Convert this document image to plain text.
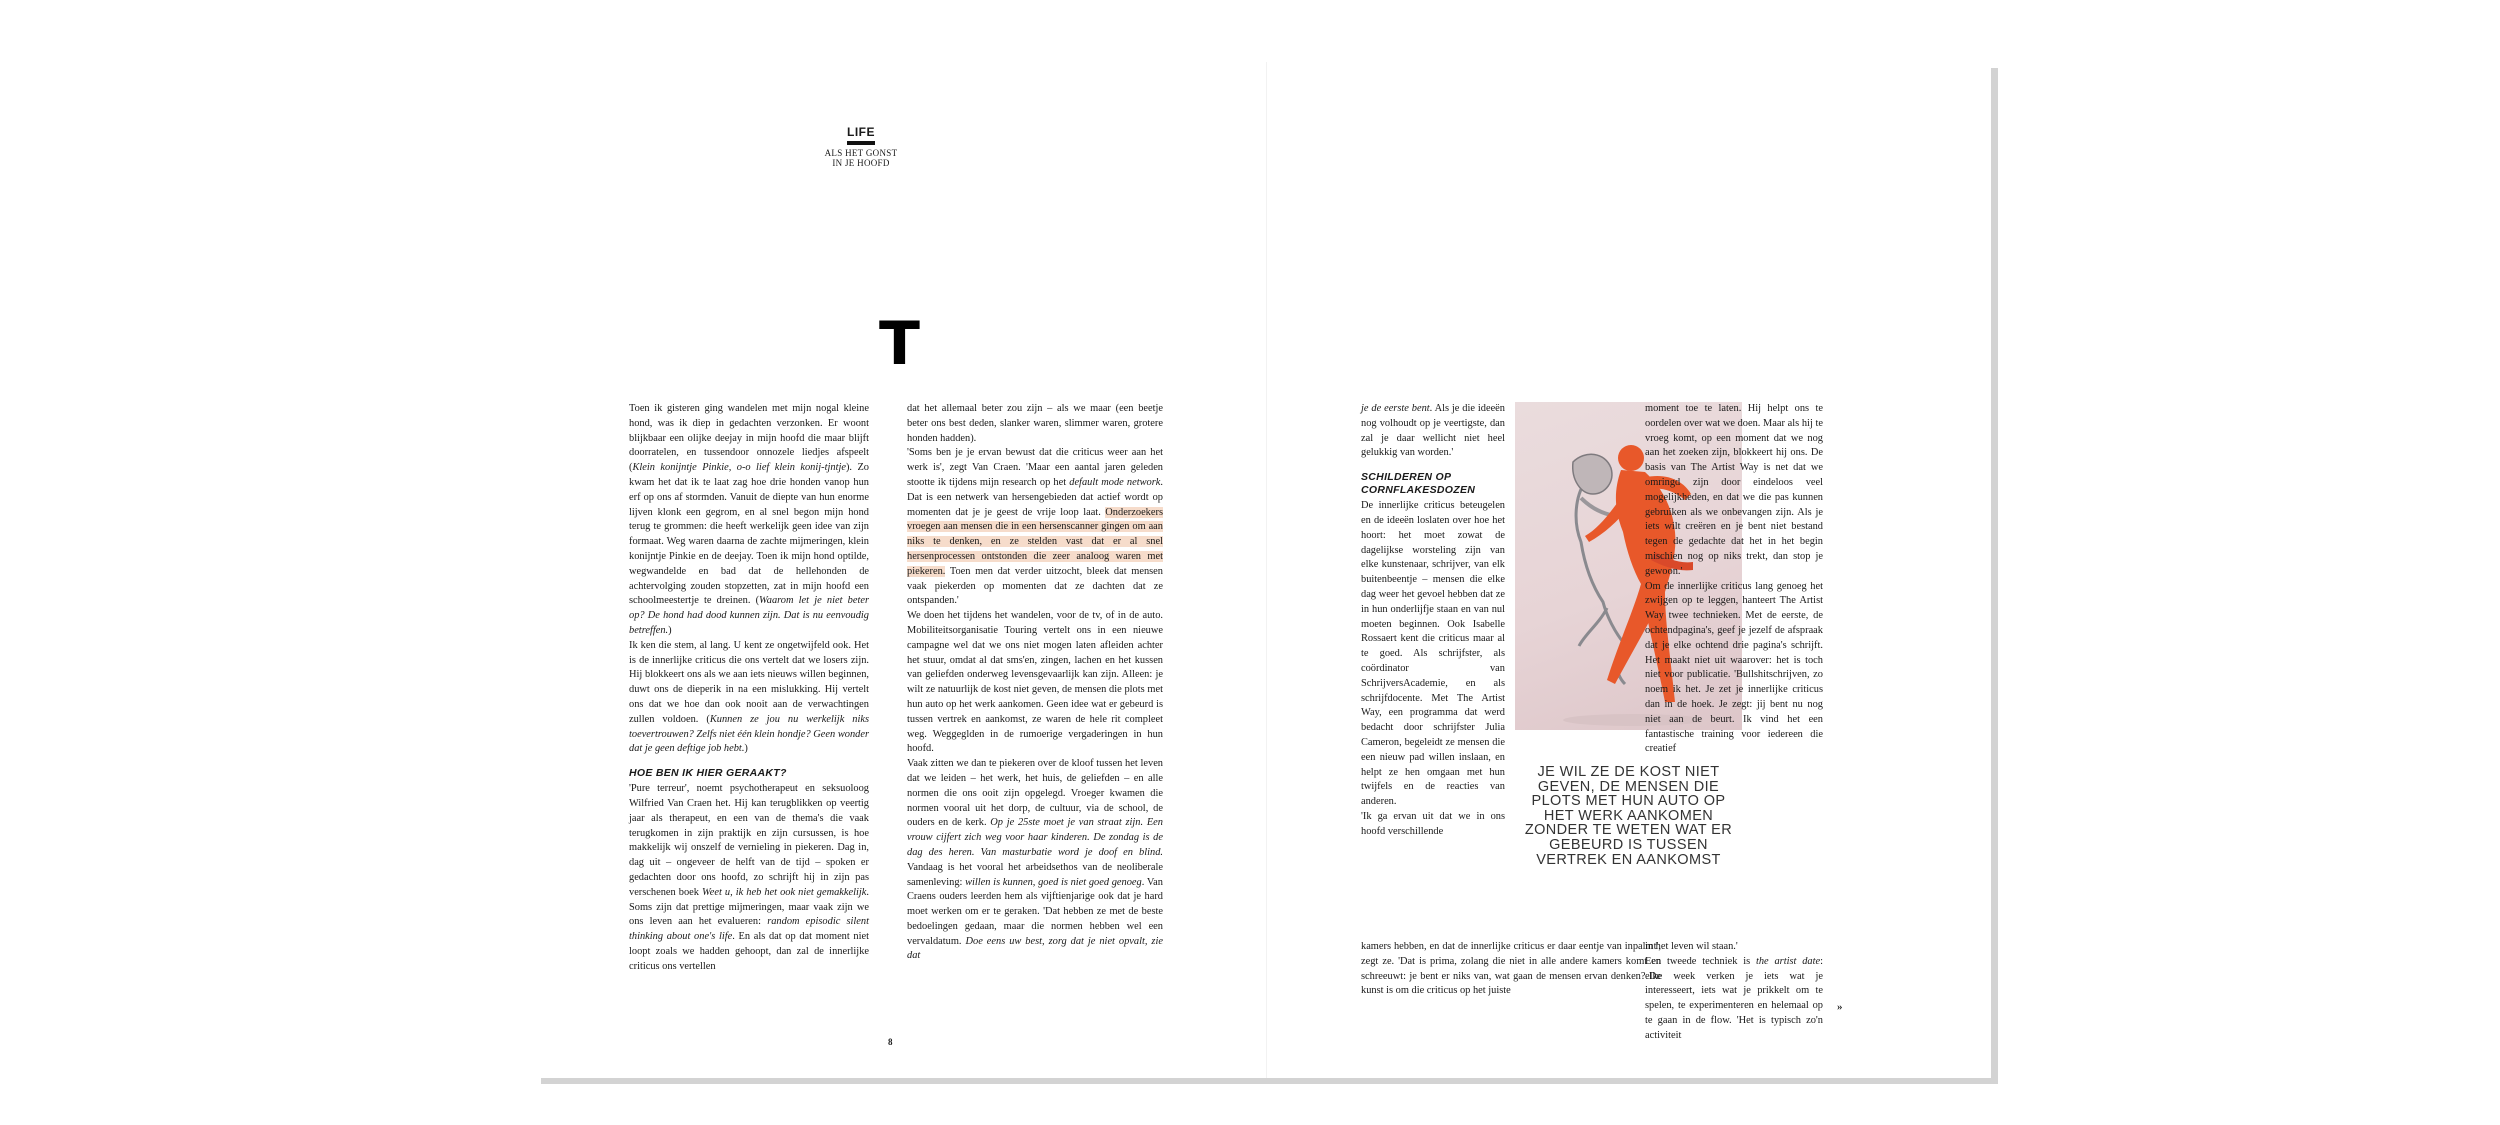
LIFE
ALS HET GONST
IN JE HOOFD
T

Toen ik gisteren ging wandelen met mijn nogal kleine hond, was ik diep in gedachten verzonken. Er woont blijkbaar een olijke deejay in mijn hoofd die maar blijft doorratelen, en tussendoor onnozele liedjes afspeelt (Klein konijntje Pinkie, o-o lief klein konij-tjntje). Zo kwam het dat ik te laat zag hoe drie honden vanop hun erf op ons af stormden. Vanuit de diepte van hun enorme lijven klonk een gegrom, en al snel begon mijn hond terug te grommen: die heeft werkelijk geen idee van zijn formaat. Weg waren daarna de zachte mijmeringen, klein konijntje Pinkie en de deejay. Toen ik mijn hond optilde, wegwandelde en bad dat de hellehonden de achtervolging zouden stopzetten, zat in mijn hoofd een schoolmeestertje te dreinen. (Waarom let je niet beter op? De hond had dood kunnen zijn. Dat is nu eenvoudig betreffen.)

Ik ken die stem, al lang. U kent ze ongetwijfeld ook. Het is de innerlijke criticus die ons vertelt dat we losers zijn. Hij blokkeert ons als we aan iets nieuws willen beginnen, duwt ons de dieperik in na een mislukking. Hij vertelt ons dat we hoe dan ook nooit aan de verwachtingen zullen voldoen. (Kunnen ze jou nu werkelijk niks toevertrouwen? Zelfs niet één klein hondje? Geen wonder dat je geen deftige job hebt.)

HOE BEN IK HIER GERAAKT?

'Pure terreur', noemt psychotherapeut en seksuoloog Wilfried Van Craen het. Hij kan terugblikken op veertig jaar als therapeut, en een van de thema's die vaak terugkomen in zijn praktijk en zijn cursussen, is hoe makkelijk wij onszelf de vernieling in piekeren. Dag in, dag uit – ongeveer de helft van de tijd – spoken er gedachten door ons hoofd, zo schrijft hij in zijn pas verschenen boek Weet u, ik heb het ook niet gemakkelijk. Soms zijn dat prettige mijmeringen, maar vaak zijn we ons leven aan het evalueren: random episodic silent thinking about one's life. En als dat op dat moment niet loopt zoals we hadden gehoopt, dan zal de innerlijke criticus ons vertellen

dat het allemaal beter zou zijn – als we maar (een beetje beter ons best deden, slanker waren, slimmer waren, grotere honden hadden).

'Soms ben je je ervan bewust dat die criticus weer aan het werk is', zegt Van Craen. 'Maar een aantal jaren geleden stootte ik tijdens mijn research op het default mode network. Dat is een netwerk van hersengebieden dat actief wordt op momenten dat je je geest de vrije loop laat. Onderzoekers vroegen aan mensen die in een hersenscanner gingen om aan niks te denken, en ze stelden vast dat er al snel hersenprocessen ontstonden die zeer analoog waren met piekeren. Toen men dat verder uitzocht, bleek dat mensen vaak piekerden op momenten dat ze dachten dat ze ontspanden.'

We doen het tijdens het wandelen, voor de tv, of in de auto. Mobiliteitsorganisatie Touring vertelt ons in een nieuwe campagne wel dat we ons niet mogen laten afleiden achter het stuur, omdat al dat sms'en, zingen, lachen en het kussen van geliefden onderweg levensgevaarlijk kan zijn. Alleen: je wilt ze natuurlijk de kost niet geven, de mensen die plots met hun auto op het werk aankomen. Geen idee wat er gebeurd is tussen vertrek en aankomst, ze waren de hele rit compleet weg. Weggeglden in de rumoerige vergaderingen in hun hoofd.

Vaak zitten we dan te piekeren over de kloof tussen het leven dat we leiden – het werk, het huis, de geliefden – en alle normen die ons ooit zijn opgelegd. Vroeger kwamen die normen vooral uit het dorp, de cultuur, via de school, de ouders en de kerk. Op je 25ste moet je van straat zijn. Een vrouw cijfert zich weg voor haar kinderen. De zondag is de dag des heren. Van masturbatie word je doof en blind. Vandaag is het vooral het arbeidsethos van de neoliberale samenleving: willen is kunnen, goed is niet goed genoeg. Van Craens ouders leerden hem als vijftienjarige ook dat je hard moet werken om er te geraken. 'Dat hebben ze met de beste bedoelingen gedaan, maar die normen hebben wel een vervaldatum. Doe eens uw best, zorg dat je niet opvalt, zie dat

8

je de eerste bent. Als je die ideeën nog volhoudt op je veertigste, dan zal je daar wellicht niet heel gelukkig van worden.'

SCHILDEREN OP
CORNFLAKESDOZEN

De innerlijke criticus beteugelen en de ideeën loslaten over hoe het hoort: het moet zowat de dagelijkse worsteling zijn van elke kunstenaar, schrijver, van elk buitenbeentje – mensen die elke dag weer het gevoel hebben dat ze in hun onderlijfje staan en van nul moeten beginnen. Ook Isabelle Rossaert kent die criticus maar al te goed. Als schrijfster, als coördinator van SchrijversAcademie, en als schrijfdocente. Met The Artist Way, een programma dat werd bedacht door schrijfster Julia Cameron, begeleidt ze mensen die een nieuw pad willen inslaan, en helpt ze hen omgaan met hun twijfels en de reacties van anderen.

'Ik ga ervan uit dat we in ons hoofd verschillende

kamers hebben, en dat de innerlijke criticus er daar eentje van inpalmt', zegt ze. 'Dat is prima, zolang die niet in alle andere kamers komt en schreeuwt: je bent er niks van, wat gaan de mensen ervan denken? De kunst is om die criticus op het juiste

JE WIL ZE DE KOST NIET GEVEN, DE MENSEN DIE PLOTS MET HUN AUTO OP HET WERK AANKOMEN ZONDER TE WETEN WAT ER GEBEURD IS TUSSEN VERTREK EN AANKOMST

moment toe te laten. Hij helpt ons te oordelen over wat we doen. Maar als hij te vroeg komt, op een moment dat we nog aan het zoeken zijn, blokkeert hij ons. De basis van The Artist Way is net dat we omringd zijn door eindeloos veel mogelijkheden, en dat we die pas kunnen gebruiken als we onbevangen zijn. Als je iets wilt creëren en je bent niet bestand tegen de gedachte dat het in het begin mischien nog op niks trekt, dan stop je gewoon.'

Om de innerlijke criticus lang genoeg het zwijgen op te leggen, hanteert The Artist Way twee technieken. Met de eerste, de ochtendpagina's, geef je jezelf de afspraak dat je elke ochtend drie pagina's schrijft. Het maakt niet uit waarover: het is toch niet voor publicatie. 'Bullshitschrijven, zo noem ik het. Je zet je innerlijke criticus dan in de hoek. Je zegt: jij bent nu nog niet aan de beurt. Ik vind het een fantastische training voor iedereen die creatief

in het leven wil staan.'

Een tweede techniek is the artist date: elke week verken je iets wat je interesseert, iets wat je prikkelt om te spelen, te experimenteren en helemaal op te gaan in de flow. 'Het is typisch zo'n activiteit

»
